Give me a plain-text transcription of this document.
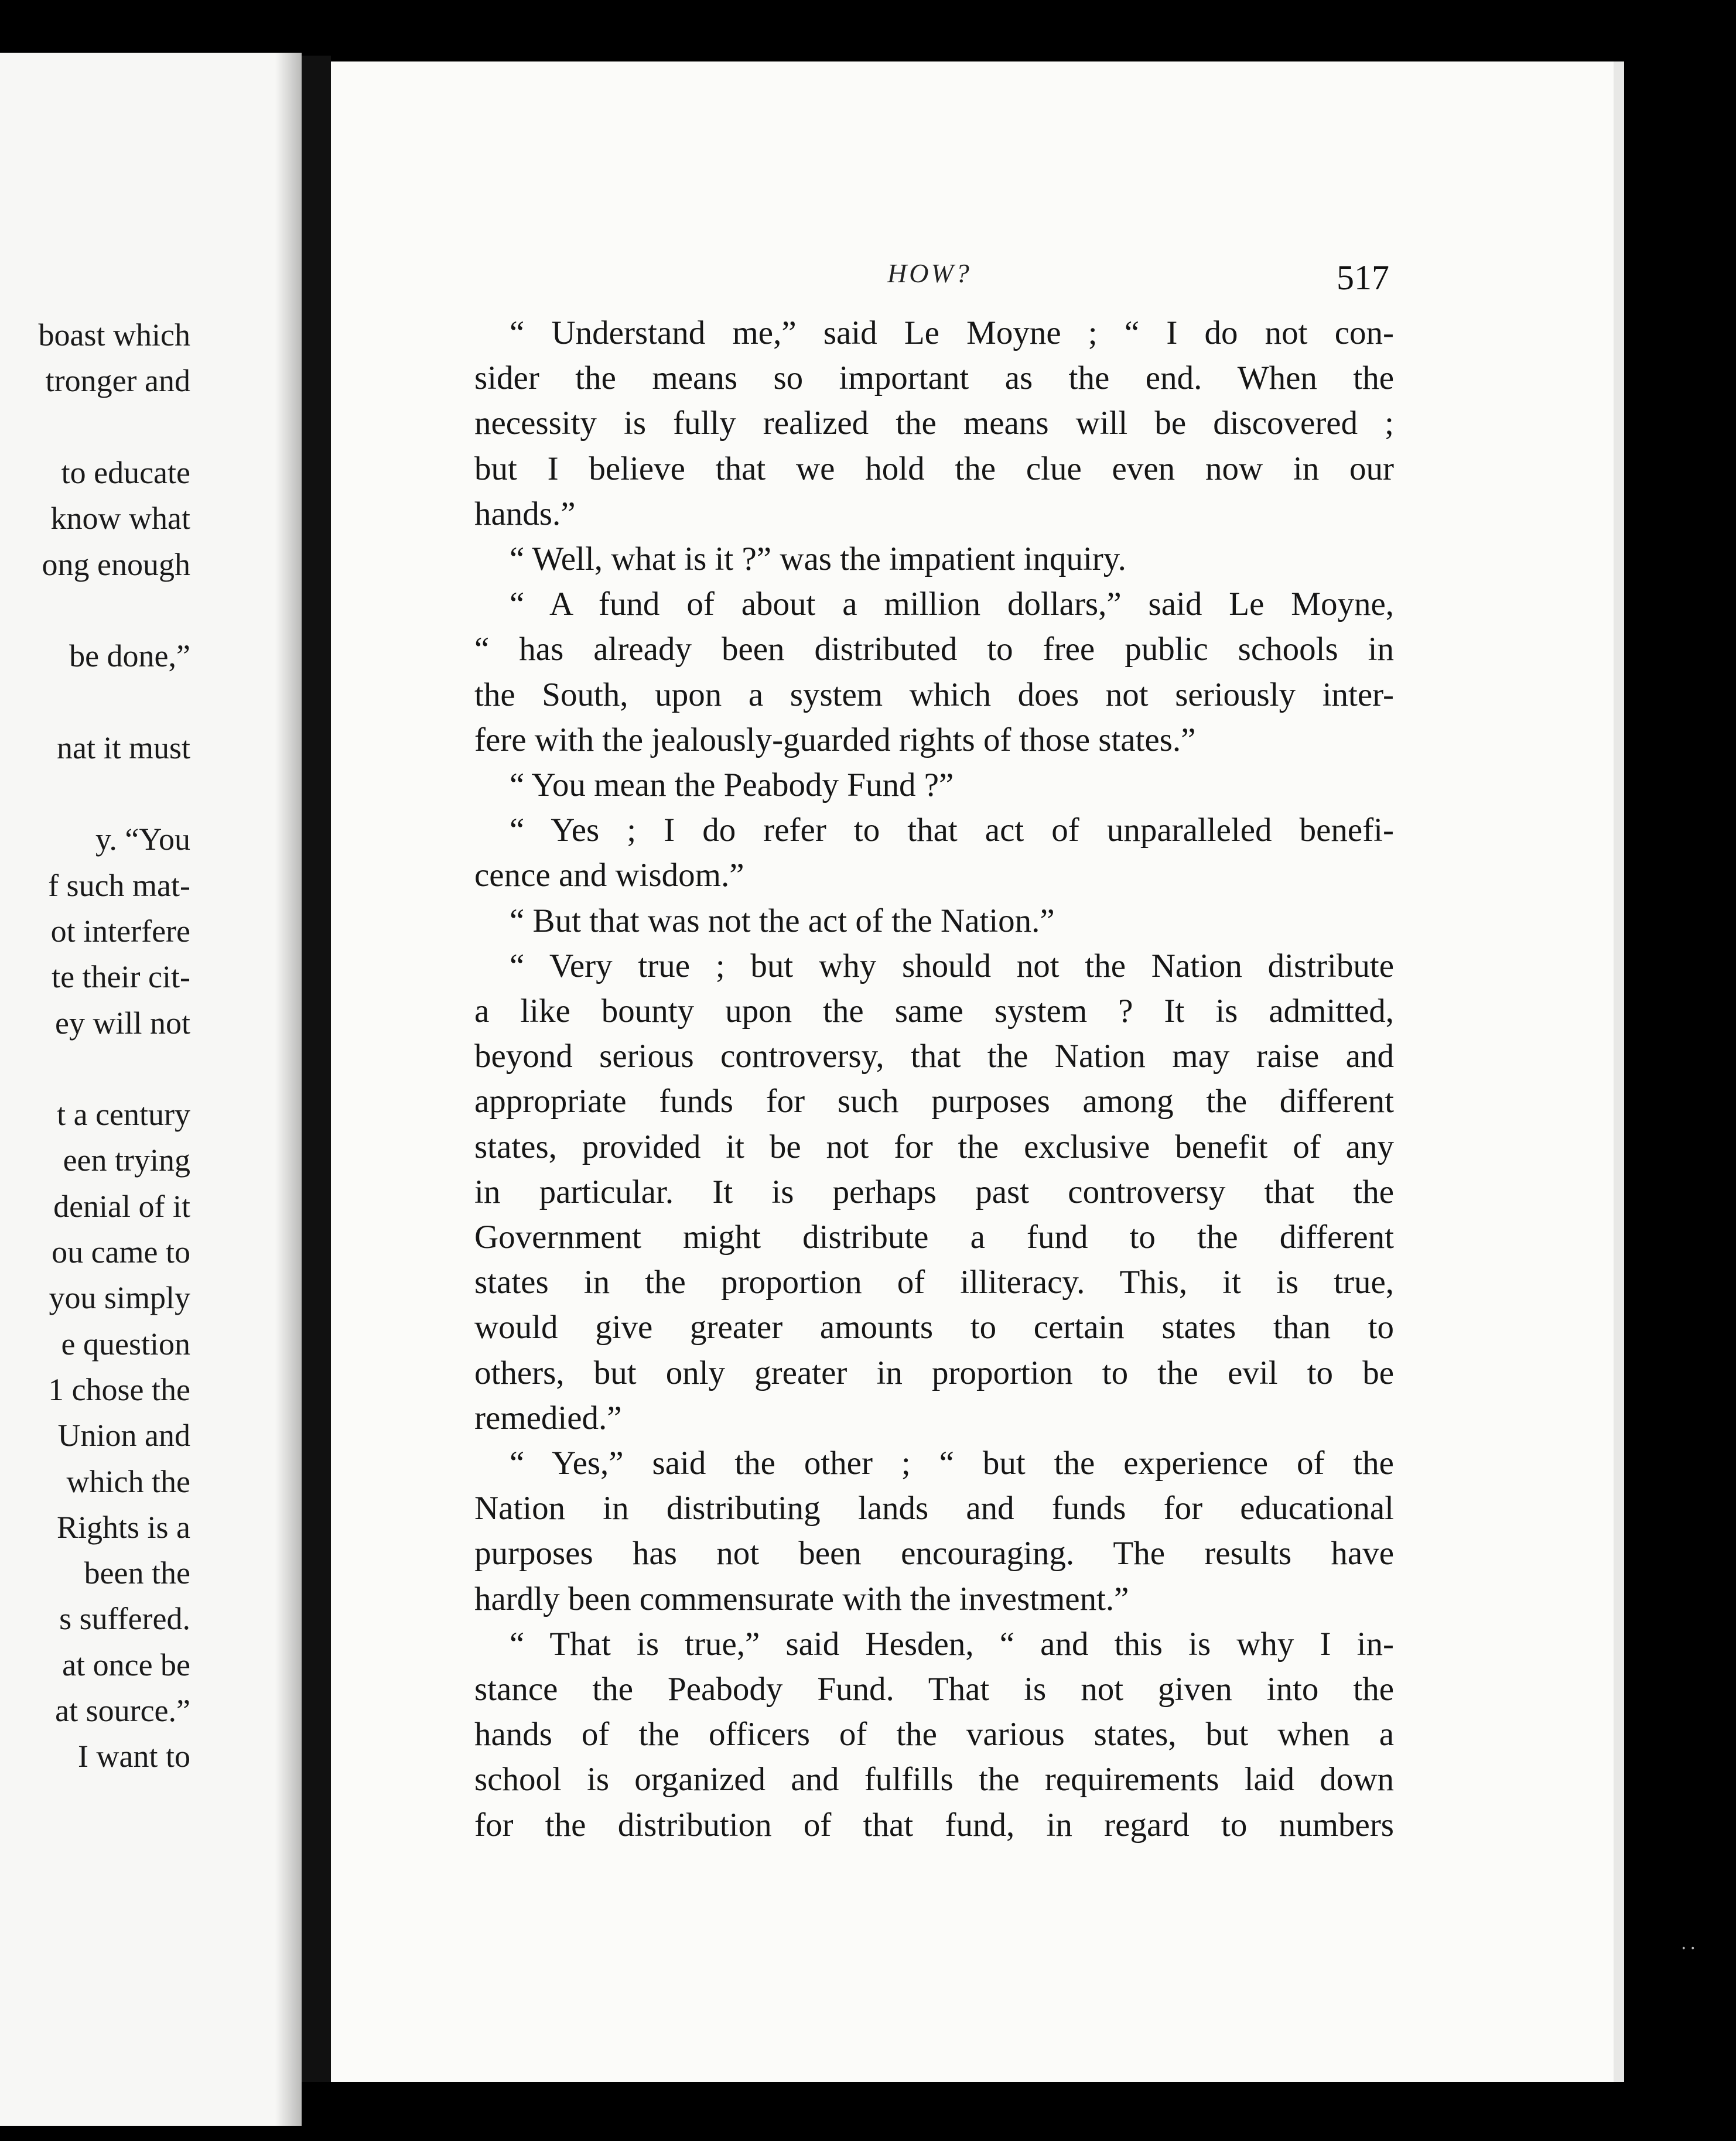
boast which
tronger and
to educate
know what
ong enough
be done,”
nat it must
y. “You
f such mat-
ot interfere
te their cit-
ey will not
t a century
een trying
denial of it
ou came to
you simply
e question
1 chose the
Union and
which the
Rights is a
been the
s suffered.
at once be
at source.”
I want to
HOW?	517
“ Understand me,” said Le Moyne ; “ I do not con-
sider the means so important as the end. When the
necessity is fully realized the means will be discovered ;
but I believe that we hold the clue even now in our
hands.”
“ Well, what is it ?” was the impatient inquiry.
“ A fund of about a million dollars,” said Le Moyne,
“ has already been distributed to free public schools in
the South, upon a system which does not seriously inter-
fere with the jealously-guarded rights of those states.”
“ You mean the Peabody Fund ?”
“ Yes ; I do refer to that act of unparalleled benefi-
cence and wisdom.”
“ But that was not the act of the Nation.”
“ Very true ; but why should not the Nation distribute
a like bounty upon the same system ? It is admitted,
beyond serious controversy, that the Nation may raise and
appropriate funds for such purposes among the different
states, provided it be not for the exclusive benefit of any
in particular. It is perhaps past controversy that the
Government might distribute a fund to the different
states in the proportion of illiteracy. This, it is true,
would give greater amounts to certain states than to
others, but only greater in proportion to the evil to be
remedied.”
“ Yes,” said the other ; “ but the experience of the
Nation in distributing lands and funds for educational
purposes has not been encouraging. The results have
hardly been commensurate with the investment.”
“ That is true,” said Hesden, “ and this is why I in-
stance the Peabody Fund. That is not given into the
hands of the officers of the various states, but when a
school is organized and fulfills the requirements laid down
for the distribution of that fund, in regard to numbers
· ·
